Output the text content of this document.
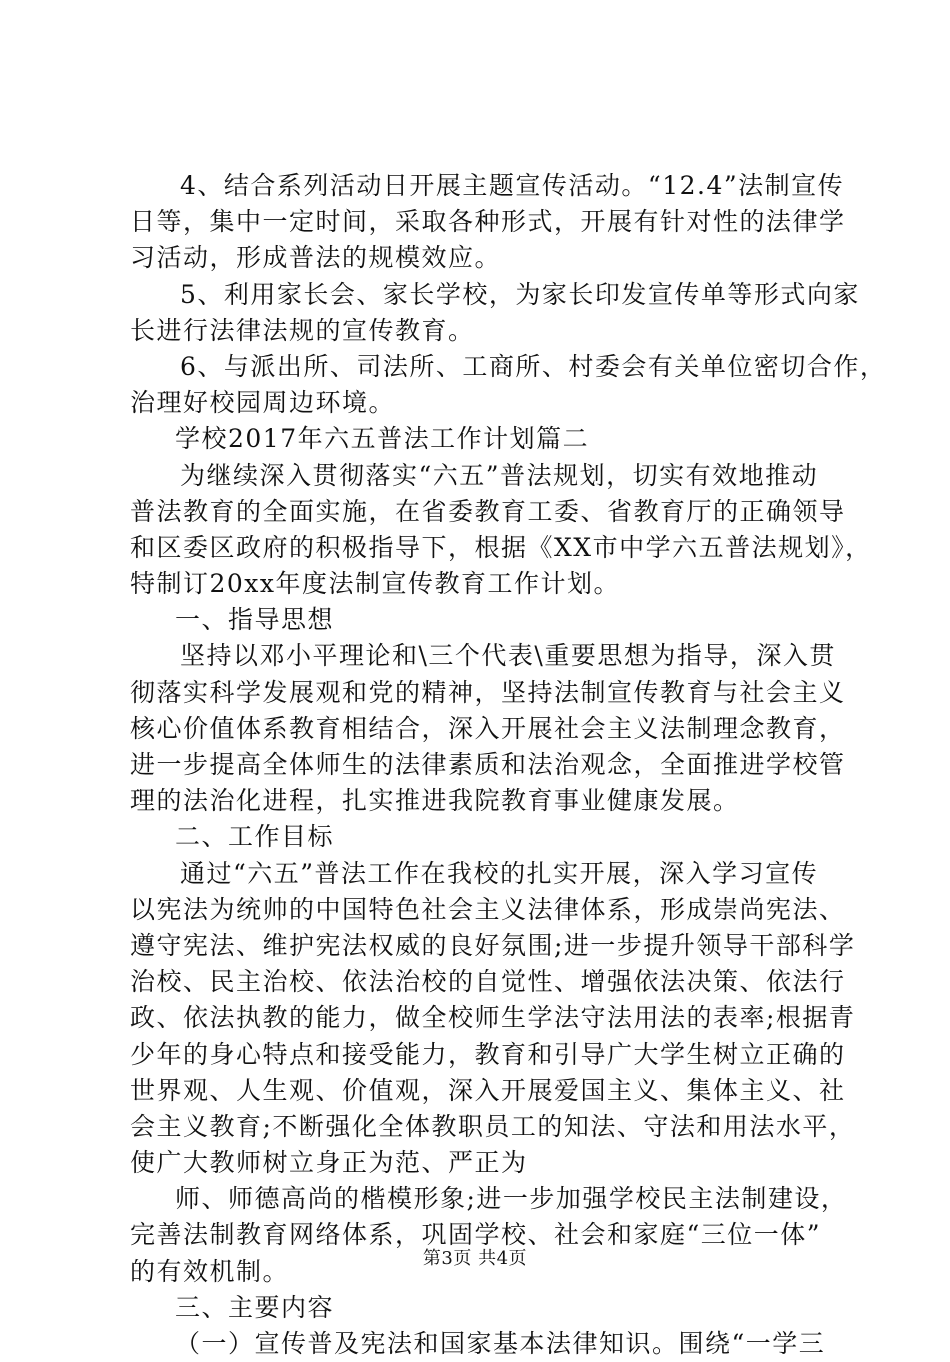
4、结合系列活动日开展主题宣传活动。“12.4”法制宣传
日等，集中一定时间，采取各种形式，开展有针对性的法律学
习活动，形成普法的规模效应。
5、利用家长会、家长学校，为家长印发宣传单等形式向家
长进行法律法规的宣传教育。
6、与派出所、司法所、工商所、村委会有关单位密切合作，
治理好校园周边环境。
学校2017年六五普法工作计划篇二
为继续深入贯彻落实“六五”普法规划，切实有效地推动
普法教育的全面实施，在省委教育工委、省教育厅的正确领导
和区委区政府的积极指导下，根据《XX市中学六五普法规划》，
特制订20xx年度法制宣传教育工作计划。
一、指导思想
坚持以邓小平理论和\三个代表\重要思想为指导，深入贯
彻落实科学发展观和党的精神，坚持法制宣传教育与社会主义
核心价值体系教育相结合，深入开展社会主义法制理念教育，
进一步提高全体师生的法律素质和法治观念，全面推进学校管
理的法治化进程，扎实推进我院教育事业健康发展。
二、工作目标
通过“六五”普法工作在我校的扎实开展，深入学习宣传
以宪法为统帅的中国特色社会主义法律体系，形成崇尚宪法、
遵守宪法、维护宪法权威的良好氛围;进一步提升领导干部科学
治校、民主治校、依法治校的自觉性、增强依法决策、依法行
政、依法执教的能力，做全校师生学法守法用法的表率;根据青
少年的身心特点和接受能力，教育和引导广大学生树立正确的
世界观、人生观、价值观，深入开展爱国主义、集体主义、社
会主义教育;不断强化全体教职员工的知法、守法和用法水平，
使广大教师树立身正为范、严正为
师、师德高尚的楷模形象;进一步加强学校民主法制建设，
完善法制教育网络体系，巩固学校、社会和家庭“三位一体”
的有效机制。
三、主要内容
（一）宣传普及宪法和国家基本法律知识。围绕“一学三
第3页 共4页
